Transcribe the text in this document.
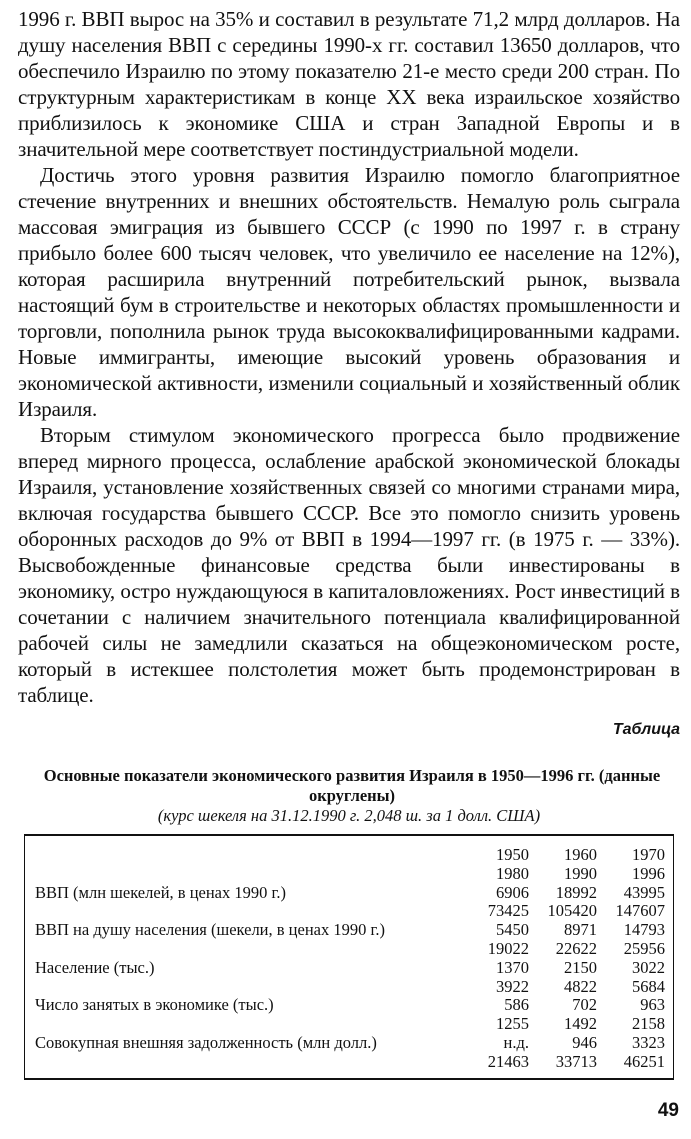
1996 г. ВВП вырос на 35% и составил в результате 71,2 млрд долларов. На душу населения ВВП с середины 1990-х гг. составил 13650 долларов, что обеспечило Израилю по этому показателю 21-е место среди 200 стран. По структурным характеристикам в конце XX века израильское хозяйство приблизилось к экономике США и стран Западной Европы и в значительной мере соответствует постиндустриальной модели.

Достичь этого уровня развития Израилю помогло благоприятное стечение внутренних и внешних обстоятельств. Немалую роль сыграла массовая эмиграция из бывшего СССР (с 1990 по 1997 г. в страну прибыло более 600 тысяч человек, что увеличило ее население на 12%), которая расширила внутренний потребительский рынок, вызвала настоящий бум в строительстве и некоторых областях промышленности и торговли, пополнила рынок труда высококвалифицированными кадрами. Новые иммигранты, имеющие высокий уровень образования и экономической активности, изменили социальный и хозяйственный облик Израиля.

Вторым стимулом экономического прогресса было продвижение вперед мирного процесса, ослабление арабской экономической блокады Израиля, установление хозяйственных связей со многими странами мира, включая государства бывшего СССР. Все это помогло снизить уровень оборонных расходов до 9% от ВВП в 1994—1997 гг. (в 1975 г. — 33%). Высвобожденные финансовые средства были инвестированы в экономику, остро нуждающуюся в капиталовложениях. Рост инвестиций в сочетании с наличием значительного потенциала квалифицированной рабочей силы не замедлили сказаться на общеэкономическом росте, который в истекшее полстолетия может быть продемонстрирован в таблице.

Таблица
Основные показатели экономического развития Израиля в 1950—1996 гг. (данные округлены)
(курс шекеля на 31.12.1990 г. 2,048 ш. за 1 долл. США)
	1950	1960	1970
	1980	1990	1996
ВВП (млн шекелей, в ценах 1990 г.)	6906	18992	43995
	73425	105420	147607
ВВП на душу населения (шекели, в ценах 1990 г.)	5450	8971	14793
	19022	22622	25956
Население (тыс.)	1370	2150	3022
	3922	4822	5684
Число занятых в экономике (тыс.)	586	702	963
	1255	1492	2158
Совокупная внешняя задолженность (млн долл.)	н.д.	946	3323
	21463	33713	46251
49
